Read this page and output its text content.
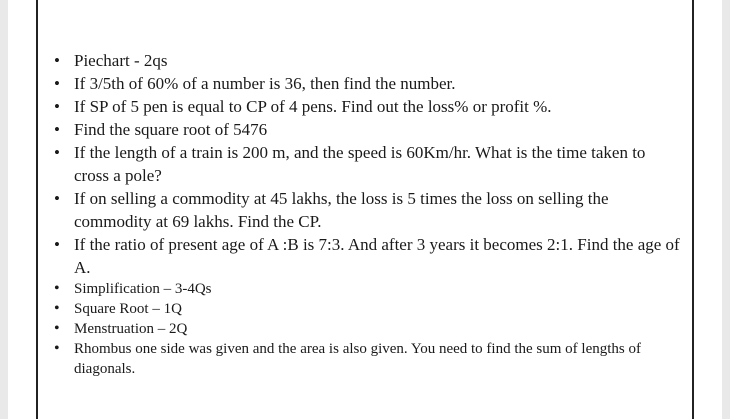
• Piechart - 2qs
• If 3/5th of 60% of a number is 36, then find the number.
• If SP of 5 pen is equal to CP of 4 pens. Find out the loss% or profit %.
• Find the square root of 5476
• If the length of a train is 200 m, and the speed is 60Km/hr. What is the time taken to cross a pole?
• If on selling a commodity at 45 lakhs, the loss is 5 times the loss on selling the commodity at 69 lakhs. Find the CP.
• If the ratio of present age of A :B is 7:3. And after 3 years it becomes 2:1. Find the age of A.
• Simplification – 3-4Qs
• Square Root – 1Q
• Menstruation – 2Q
• Rhombus one side was given and the area is also given. You need to find the sum of lengths of diagonals.
